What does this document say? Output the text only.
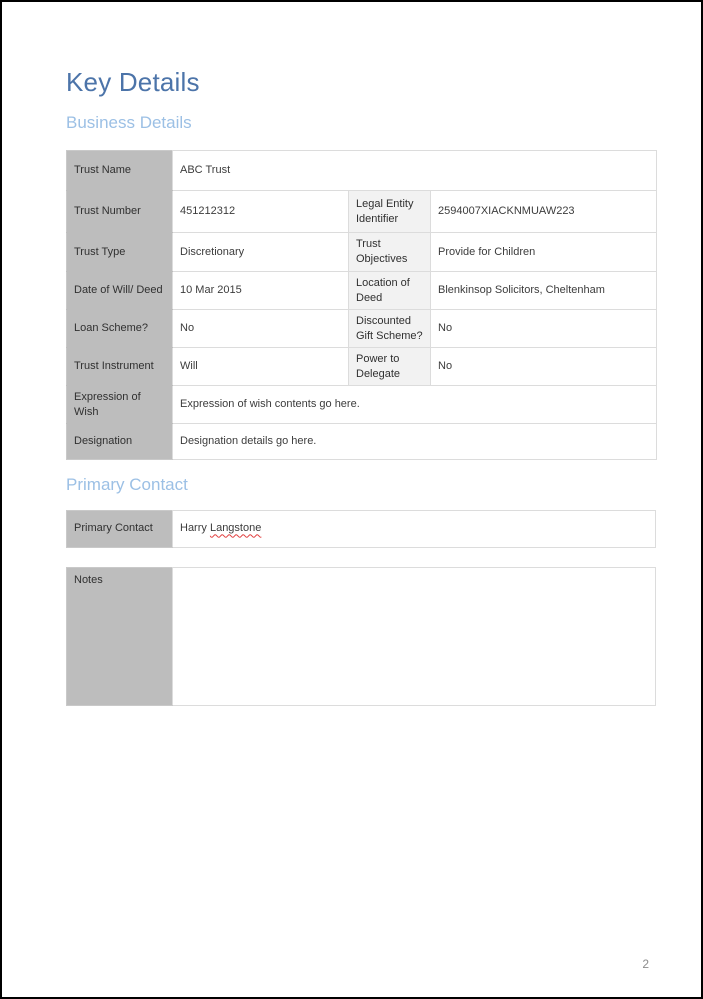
Key Details
Business Details
Trust Name	ABC Trust		
Trust Number	451212312	Legal Entity Identifier	2594007XIACKNMUAW223
Trust Type	Discretionary	Trust Objectives	Provide for Children
Date of Will/ Deed	10 Mar 2015	Location of Deed	Blenkinsop Solicitors, Cheltenham
Loan Scheme?	No	Discounted Gift Scheme?	No
Trust Instrument	Will	Power to Delegate	No
Expression of Wish	Expression of wish contents go here.		
Designation	Designation details go here.		
Primary Contact
Primary Contact	Harry Langstone
Notes	
2
